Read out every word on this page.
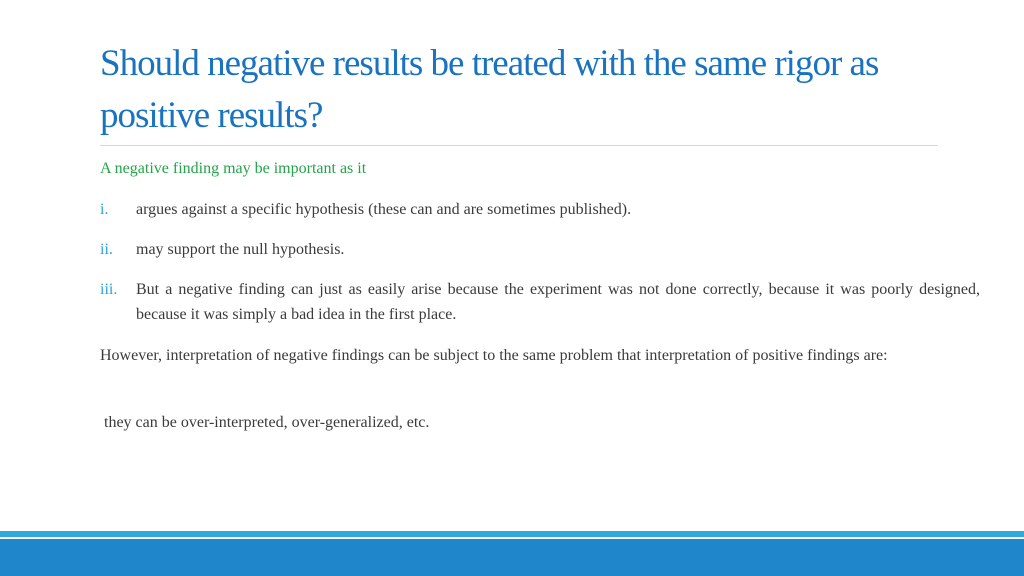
Should negative results be treated with the same rigor as positive results?
A negative finding may be important as it
i. argues against a specific hypothesis (these can and are sometimes published).
ii. may support the null hypothesis.
iii. But a negative finding can just as easily arise because the experiment was not done correctly, because it was poorly designed, because it was simply a bad idea in the first place.
However, interpretation of negative findings can be subject to the same problem that interpretation of positive findings are:
they can be over-interpreted, over-generalized, etc.
